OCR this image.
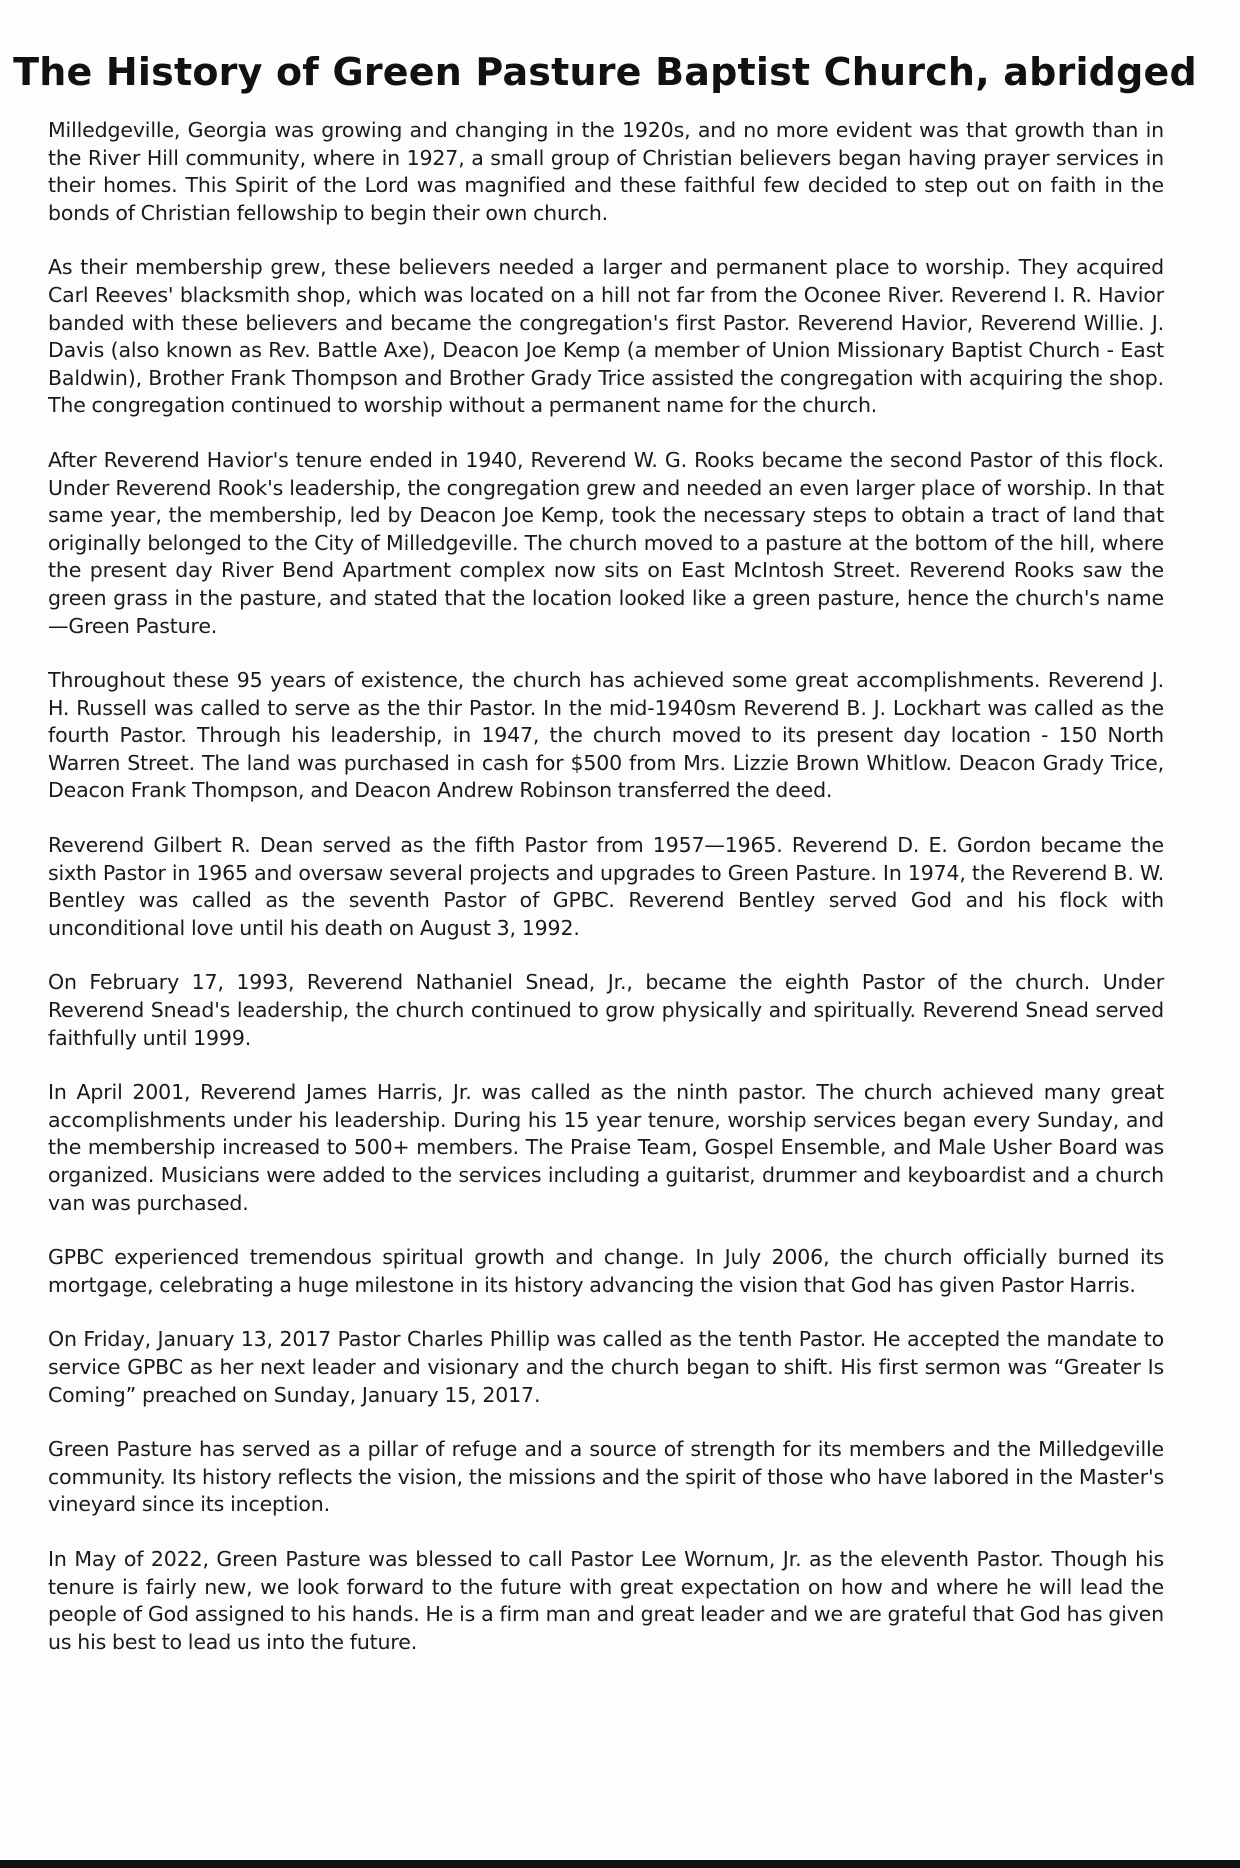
The History of Green Pasture Baptist Church, abridged

Milledgeville, Georgia was growing and changing in the 1920s, and no more evident was that growth than in the River Hill community, where in 1927, a small group of Christian believers began having prayer services in their homes. This Spirit of the Lord was magnified and these faithful few decided to step out on faith in the bonds of Christian fellowship to begin their own church.

As their membership grew, these believers needed a larger and permanent place to worship. They acquired Carl Reeves' blacksmith shop, which was located on a hill not far from the Oconee River. Reverend I. R. Havior banded with these believers and became the congregation's first Pastor. Reverend Havior, Reverend Willie. J. Davis (also known as Rev. Battle Axe), Deacon Joe Kemp (a member of Union Missionary Baptist Church - East Baldwin), Brother Frank Thompson and Brother Grady Trice assisted the congregation with acquiring the shop. The congregation continued to worship without a permanent name for the church.

After Reverend Havior's tenure ended in 1940, Reverend W. G. Rooks became the second Pastor of this flock. Under Reverend Rook's leadership, the congregation grew and needed an even larger place of worship. In that same year, the membership, led by Deacon Joe Kemp, took the necessary steps to obtain a tract of land that originally belonged to the City of Milledgeville. The church moved to a pasture at the bottom of the hill, where the present day River Bend Apartment complex now sits on East McIntosh Street. Reverend Rooks saw the green grass in the pasture, and stated that the location looked like a green pasture, hence the church's name—Green Pasture.

Throughout these 95 years of existence, the church has achieved some great accomplishments. Reverend J. H. Russell was called to serve as the thir Pastor. In the mid-1940sm Reverend B. J. Lockhart was called as the fourth Pastor. Through his leadership, in 1947, the church moved to its present day location - 150 North Warren Street. The land was purchased in cash for $500 from Mrs. Lizzie Brown Whitlow. Deacon Grady Trice, Deacon Frank Thompson, and Deacon Andrew Robinson transferred the deed.

Reverend Gilbert R. Dean served as the fifth Pastor from 1957—1965. Reverend D. E. Gordon became the sixth Pastor in 1965 and oversaw several projects and upgrades to Green Pasture. In 1974, the Reverend B. W. Bentley was called as the seventh Pastor of GPBC. Reverend Bentley served God and his flock with unconditional love until his death on August 3, 1992.

On February 17, 1993, Reverend Nathaniel Snead, Jr., became the eighth Pastor of the church. Under Reverend Snead's leadership, the church continued to grow physically and spiritually. Reverend Snead served faithfully until 1999.

In April 2001, Reverend James Harris, Jr. was called as the ninth pastor. The church achieved many great accomplishments under his leadership. During his 15 year tenure, worship services began every Sunday, and the membership increased to 500+ members. The Praise Team, Gospel Ensemble, and Male Usher Board was organized. Musicians were added to the services including a guitarist, drummer and keyboardist and a church van was purchased.

GPBC experienced tremendous spiritual growth and change. In July 2006, the church officially burned its mortgage, celebrating a huge milestone in its history advancing the vision that God has given Pastor Harris.

On Friday, January 13, 2017 Pastor Charles Phillip was called as the tenth Pastor. He accepted the mandate to service GPBC as her next leader and visionary and the church began to shift. His first sermon was “Greater Is Coming” preached on Sunday, January 15, 2017.

Green Pasture has served as a pillar of refuge and a source of strength for its members and the Milledgeville community. Its history reflects the vision, the missions and the spirit of those who have labored in the Master's vineyard since its inception.

In May of 2022, Green Pasture was blessed to call Pastor Lee Wornum, Jr. as the eleventh Pastor. Though his tenure is fairly new, we look forward to the future with great expectation on how and where he will lead the people of God assigned to his hands. He is a firm man and great leader and we are grateful that God has given us his best to lead us into the future.
